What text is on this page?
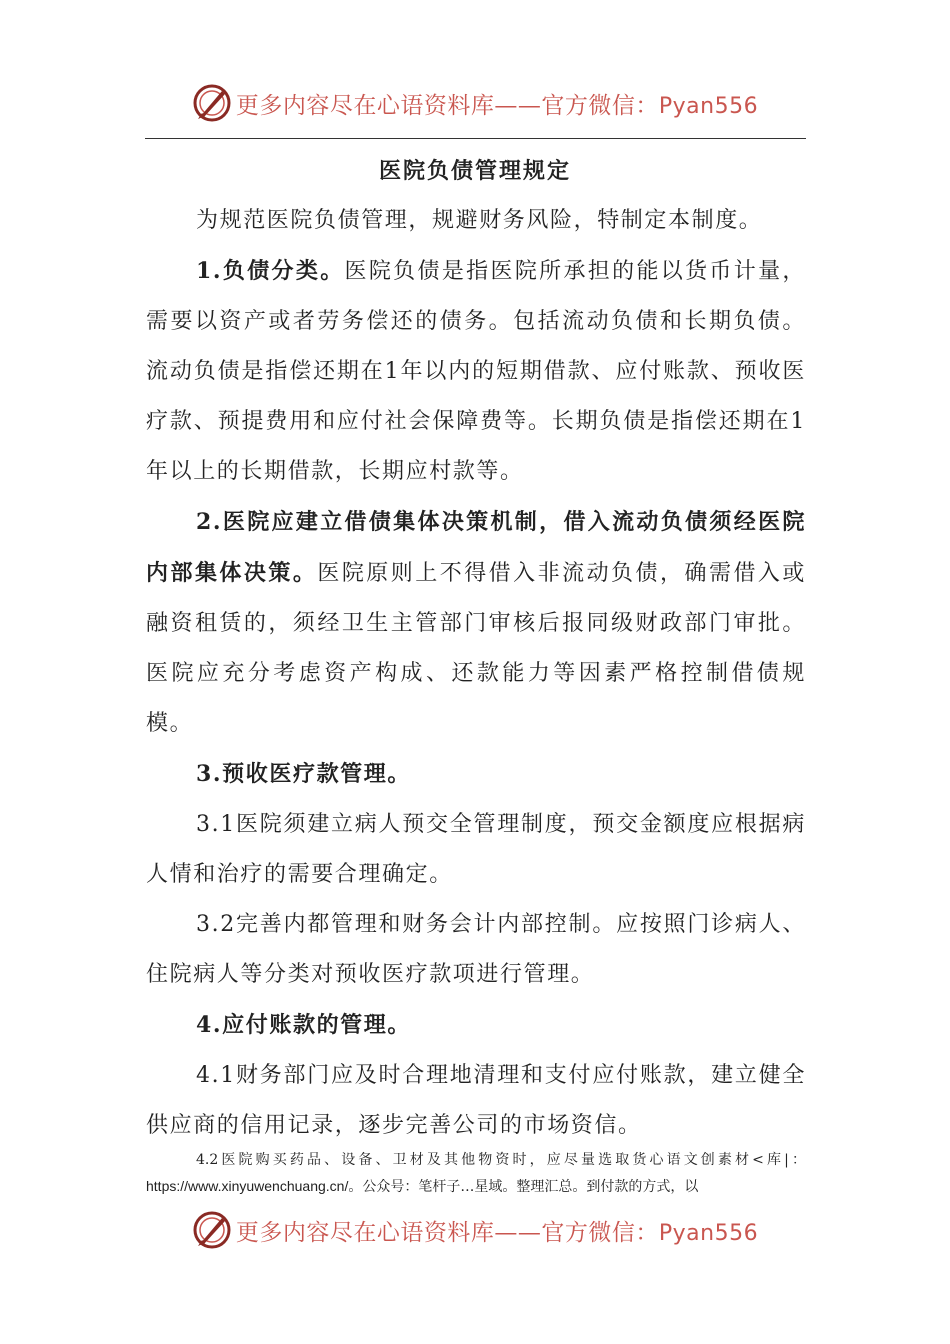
更多内容尽在心语资料库——官方微信：Pyan556
医院负债管理规定

为规范医院负债管理，规避财务风险，特制定本制度。

1.负债分类。医院负债是指医院所承担的能以货币计量，需要以资产或者劳务偿还的债务。包括流动负债和长期负债。流动负债是指偿还期在1年以内的短期借款、应付账款、预收医疗款、预提费用和应付社会保障费等。长期负债是指偿还期在1年以上的长期借款，长期应村款等。

2.医院应建立借债集体决策机制，借入流动负债须经医院内部集体决策。医院原则上不得借入非流动负债，确需借入或融资租赁的，须经卫生主管部门审核后报同级财政部门审批。医院应充分考虑资产构成、还款能力等因素严格控制借债规模。

3.预收医疗款管理。

3.1医院须建立病人预交全管理制度，预交金额度应根据病人情和治疗的需要合理确定。

3.2完善内都管理和财务会计内部控制。应按照门诊病人、住院病人等分类对预收医疗款项进行管理。

4.应付账款的管理。

4.1财务部门应及时合理地清理和支付应付账款，建立健全供应商的信用记录，逐步完善公司的市场资信。

4.2医院购买药品、设备、卫材及其他物资时，应尽量选取货心语文创素材<库|：https://www.xinyuwenchuang.cn/。公众号：笔杆子…星域。整理汇总。到付款的方式，以

更多内容尽在心语资料库——官方微信：Pyan556
